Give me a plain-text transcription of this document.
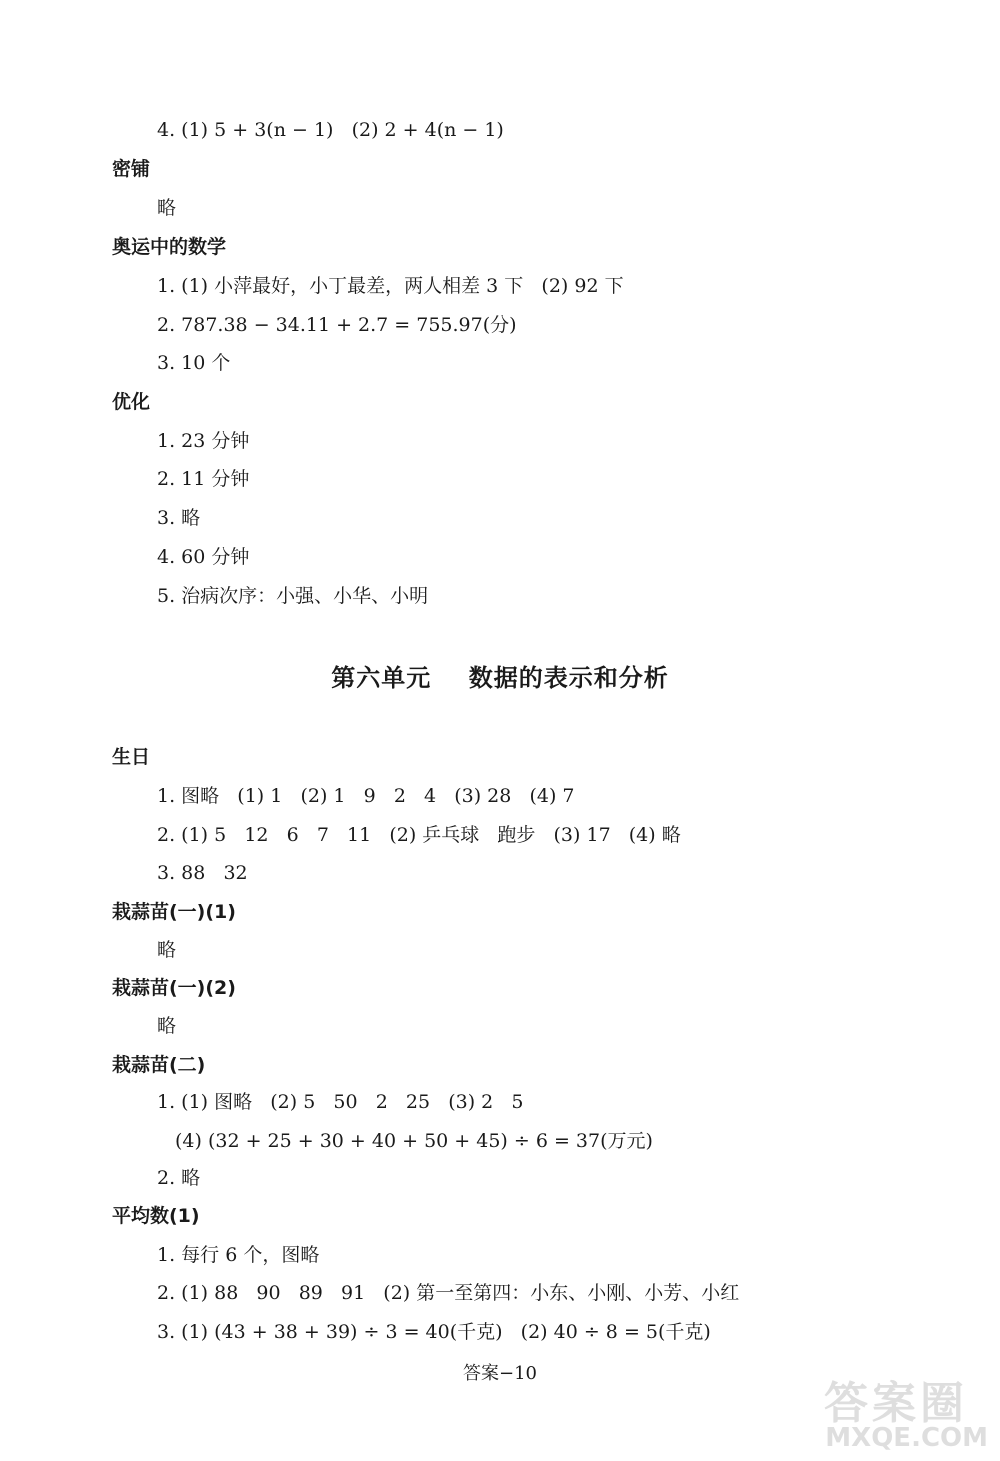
4. (1) 5 + 3(n − 1)   (2) 2 + 4(n − 1)
密铺
略
奥运中的数学
1. (1) 小萍最好，小丁最差，两人相差 3 下   (2) 92 下
2. 787.38 − 34.11 + 2.7 = 755.97(分)
3. 10 个
优化
1. 23 分钟
2. 11 分钟
3. 略
4. 60 分钟
5. 治病次序：小强、小华、小明
第六单元    数据的表示和分析
生日
1. 图略   (1) 1   (2) 1   9   2   4   (3) 28   (4) 7
2. (1) 5   12   6   7   11   (2) 乒乓球   跑步   (3) 17   (4) 略
3. 88   32
栽蒜苗(一)(1)
略
栽蒜苗(一)(2)
略
栽蒜苗(二)
1. (1) 图略   (2) 5   50   2   25   (3) 2   5
(4) (32 + 25 + 30 + 40 + 50 + 45) ÷ 6 = 37(万元)
2. 略
平均数(1)
1. 每行 6 个，图略
2. (1) 88   90   89   91   (2) 第一至第四：小东、小刚、小芳、小红
3. (1) (43 + 38 + 39) ÷ 3 = 40(千克)   (2) 40 ÷ 8 = 5(千克)
答案−10
答案圈
MXQE.COM
